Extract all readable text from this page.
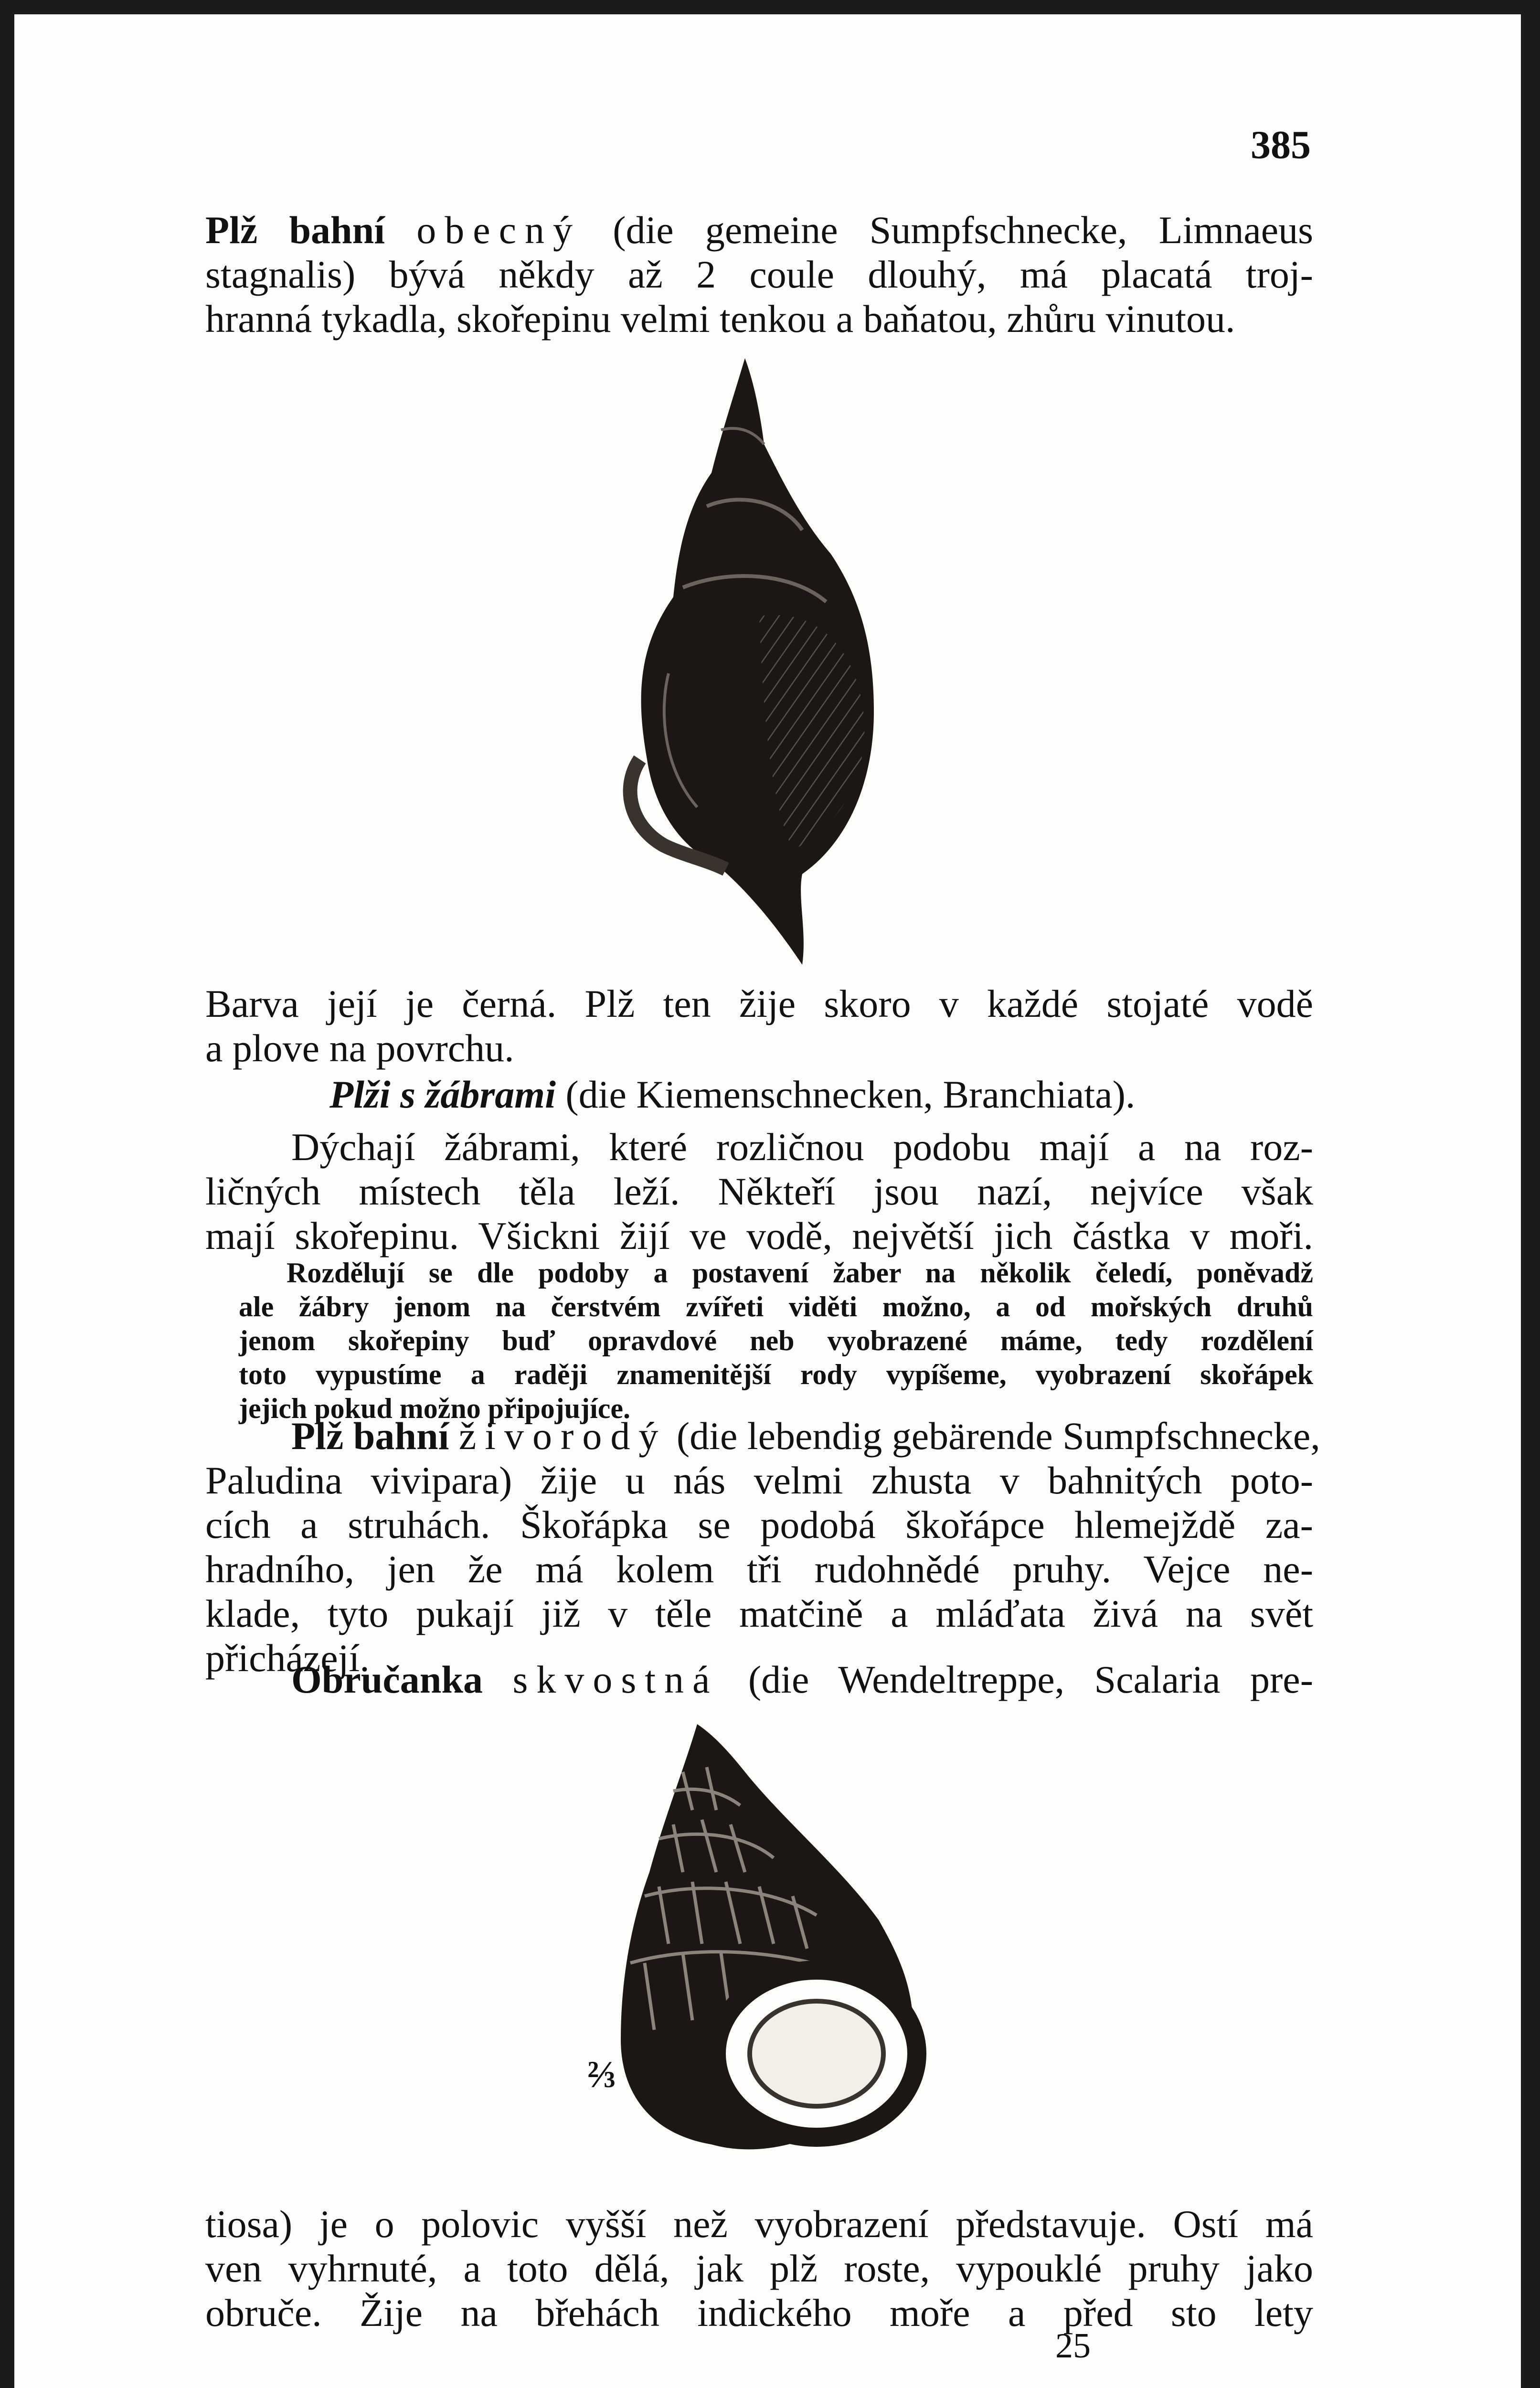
385
Plž bahní obecný (die gemeine Sumpfschnecke, Limnaeus
stagnalis) bývá někdy až 2 coule dlouhý, má placatá troj-
hranná tykadla, skořepinu velmi tenkou a baňatou, zhůru vinutou.
Barva její je černá. Plž ten žije skoro v každé stojaté vodě
a plove na povrchu.
Plži s žábrami (die Kiemenschnecken, Branchiata).
Dýchají žábrami, které rozličnou podobu mají a na roz-
ličných místech těla leží. Někteří jsou nazí, nejvíce však
mají skořepinu. Všickni žijí ve vodě, největší jich částka v moři.
Rozdělují se dle podoby a postavení žaber na několik čeledí, poněvadž
ale žábry jenom na čerstvém zvířeti viděti možno, a od mořských druhů
jenom skořepiny buď opravdové neb vyobrazené máme, tedy rozdělení
toto vypustíme a raději znamenitější rody vypíšeme, vyobrazení skořápek
jejich pokud možno připojujíce.
Plž bahní živorodý (die lebendig gebärende Sumpfschnecke,
Paludina vivipara) žije u nás velmi zhusta v bahnitých poto-
cích a struhách. Škořápka se podobá škořápce hlemejždě za-
hradního, jen že má kolem tři rudohnědé pruhy. Vejce ne-
klade, tyto pukají již v těle matčině a mláďata živá na svět
přicházejí.
Obručanka skvostná (die Wendeltreppe, Scalaria pre-
⅔
tiosa) je o polovic vyšší než vyobrazení představuje. Ostí má
ven vyhrnuté, a toto dělá, jak plž roste, vypouklé pruhy jako
obruče. Žije na břehách indického moře a před sto lety
25
